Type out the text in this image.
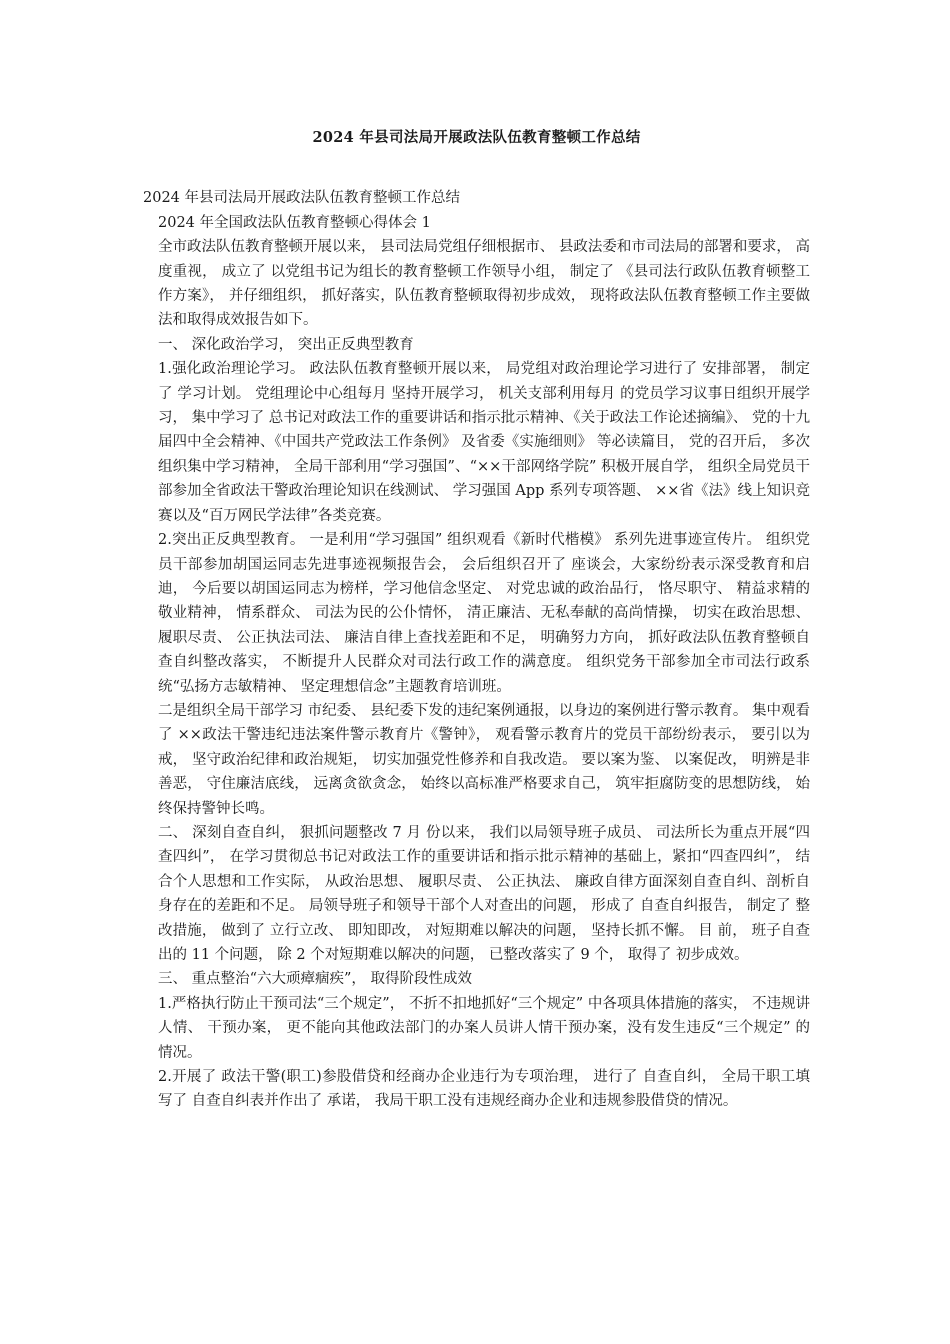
2024 年县司法局开展政法队伍教育整顿工作总结

2024 年县司法局开展政法队伍教育整顿工作总结

2024 年全国政法队伍教育整顿心得体会 1

全市政法队伍教育整顿开展以来， 县司法局党组仔细根据市、 县政法委和市司法局的部署和要求， 高度重视， 成立了 以党组书记为组长的教育整顿工作领导小组， 制定了 《县司法行政队伍教育顿整工作方案》， 并仔细组织， 抓好落实，队伍教育整顿取得初步成效， 现将政法队伍教育整顿工作主要做法和取得成效报告如下。

一、 深化政治学习， 突出正反典型教育

1.强化政治理论学习。 政法队伍教育整顿开展以来， 局党组对政治理论学习进行了 安排部署， 制定了 学习计划。 党组理论中心组每月 坚持开展学习， 机关支部利用每月 的党员学习议事日组织开展学习， 集中学习了 总书记对政法工作的重要讲话和指示批示精神、《关于政法工作论述摘编》、 党的十九届四中全会精神、《中国共产党政法工作条例》 及省委《实施细则》 等必读篇目， 党的召开后， 多次组织集中学习精神， 全局干部利用“学习强国”、“××干部网络学院” 积极开展自学， 组织全局党员干部参加全省政法干警政治理论知识在线测试、 学习强国 App 系列专项答题、 ××省《法》线上知识竞赛以及“百万网民学法律”各类竞赛。

2.突出正反典型教育。 一是利用“学习强国” 组织观看《新时代楷模》 系列先进事迹宣传片。 组织党员干部参加胡国运同志先进事迹视频报告会， 会后组织召开了 座谈会，大家纷纷表示深受教育和启迪， 今后要以胡国运同志为榜样，学习他信念坚定、 对党忠诚的政治品行， 恪尽职守、 精益求精的敬业精神， 情系群众、 司法为民的公仆情怀， 清正廉洁、无私奉献的高尚情操， 切实在政治思想、 履职尽责、 公正执法司法、 廉洁自律上查找差距和不足， 明确努力方向， 抓好政法队伍教育整顿自查自纠整改落实， 不断提升人民群众对司法行政工作的满意度。 组织党务干部参加全市司法行政系统“弘扬方志敏精神、 坚定理想信念”主题教育培训班。

二是组织全局干部学习 市纪委、 县纪委下发的违纪案例通报，以身边的案例进行警示教育。 集中观看了 ××政法干警违纪违法案件警示教育片《警钟》， 观看警示教育片的党员干部纷纷表示， 要引以为戒， 坚守政治纪律和政治规矩， 切实加强党性修养和自我改造。 要以案为鉴、 以案促改， 明辨是非善恶， 守住廉洁底线， 远离贪欲贪念， 始终以高标准严格要求自己， 筑牢拒腐防变的思想防线， 始终保持警钟长鸣。

二、 深刻自查自纠， 狠抓问题整改 7 月 份以来， 我们以局领导班子成员、 司法所长为重点开展“四查四纠”， 在学习贯彻总书记对政法工作的重要讲话和指示批示精神的基础上，紧扣“四查四纠”， 结合个人思想和工作实际， 从政治思想、 履职尽责、 公正执法、 廉政自律方面深刻自查自纠、剖析自身存在的差距和不足。 局领导班子和领导干部个人对查出的问题， 形成了 自查自纠报告， 制定了 整改措施， 做到了 立行立改、 即知即改， 对短期难以解决的问题， 坚持长抓不懈。 目 前， 班子自查出的 11 个问题， 除 2 个对短期难以解决的问题， 已整改落实了 9 个， 取得了 初步成效。

三、 重点整治“六大顽瘴痼疾”， 取得阶段性成效

1.严格执行防止干预司法“三个规定”， 不折不扣地抓好“三个规定” 中各项具体措施的落实， 不违规讲人情、 干预办案， 更不能向其他政法部门的办案人员讲人情干预办案，没有发生违反“三个规定” 的情况。

2.开展了 政法干警(职工)参股借贷和经商办企业违行为专项治理， 进行了 自查自纠， 全局干职工填写了 自查自纠表并作出了 承诺， 我局干职工没有违规经商办企业和违规参股借贷的情况。
